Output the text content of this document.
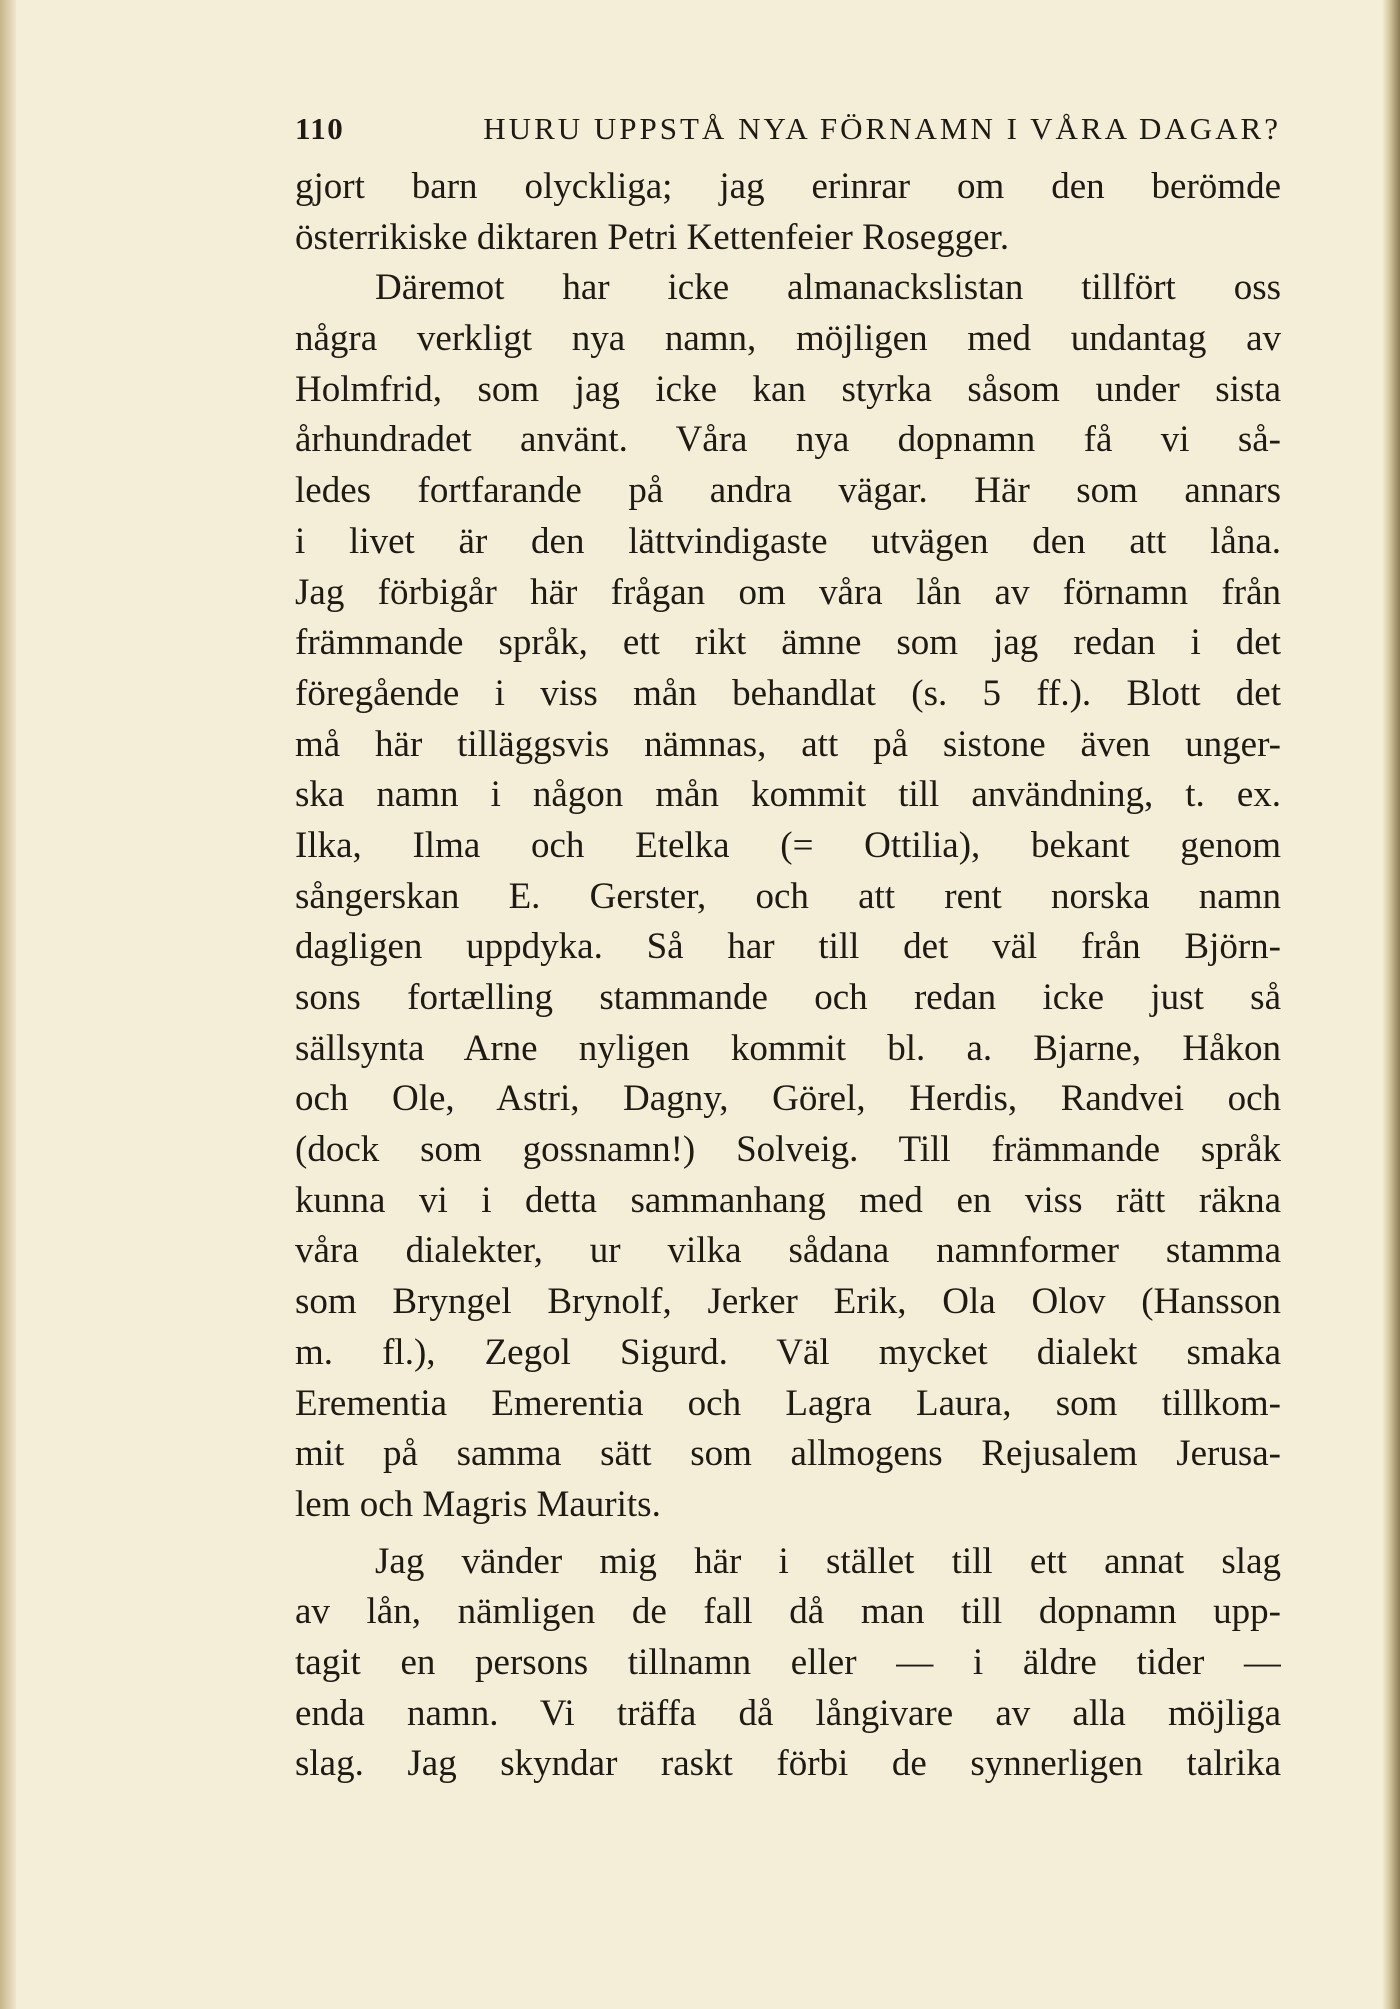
110	HURU UPPSTÅ NYA FÖRNAMN I VÅRA DAGAR?
gjort barn olyckliga; jag erinrar om den berömde
österrikiske diktaren Petri Kettenfeier Rosegger.
Däremot har icke almanackslistan tillfört oss
några verkligt nya namn, möjligen med undantag av
Holmfrid, som jag icke kan styrka såsom under sista
århundradet använt. Våra nya dopnamn få vi så-
ledes fortfarande på andra vägar. Här som annars
i livet är den lättvindigaste utvägen den att låna.
Jag förbigår här frågan om våra lån av förnamn från
främmande språk, ett rikt ämne som jag redan i det
föregående i viss mån behandlat (s. 5 ff.). Blott det
må här tilläggsvis nämnas, att på sistone även unger-
ska namn i någon mån kommit till användning, t. ex.
Ilka, Ilma och Etelka (= Ottilia), bekant genom
sångerskan E. Gerster, och att rent norska namn
dagligen uppdyka. Så har till det väl från Björn-
sons fortælling stammande och redan icke just så
sällsynta Arne nyligen kommit bl. a. Bjarne, Håkon
och Ole, Astri, Dagny, Görel, Herdis, Randvei och
(dock som gossnamn!) Solveig. Till främmande språk
kunna vi i detta sammanhang med en viss rätt räkna
våra dialekter, ur vilka sådana namnformer stamma
som Bryngel Brynolf, Jerker Erik, Ola Olov (Hansson
m. fl.), Zegol Sigurd. Väl mycket dialekt smaka
Erementia Emerentia och Lagra Laura, som tillkom-
mit på samma sätt som allmogens Rejusalem Jerusa-
lem och Magris Maurits.
Jag vänder mig här i stället till ett annat slag
av lån, nämligen de fall då man till dopnamn upp-
tagit en persons tillnamn eller — i äldre tider —
enda namn. Vi träffa då långivare av alla möjliga
slag. Jag skyndar raskt förbi de synnerligen talrika
